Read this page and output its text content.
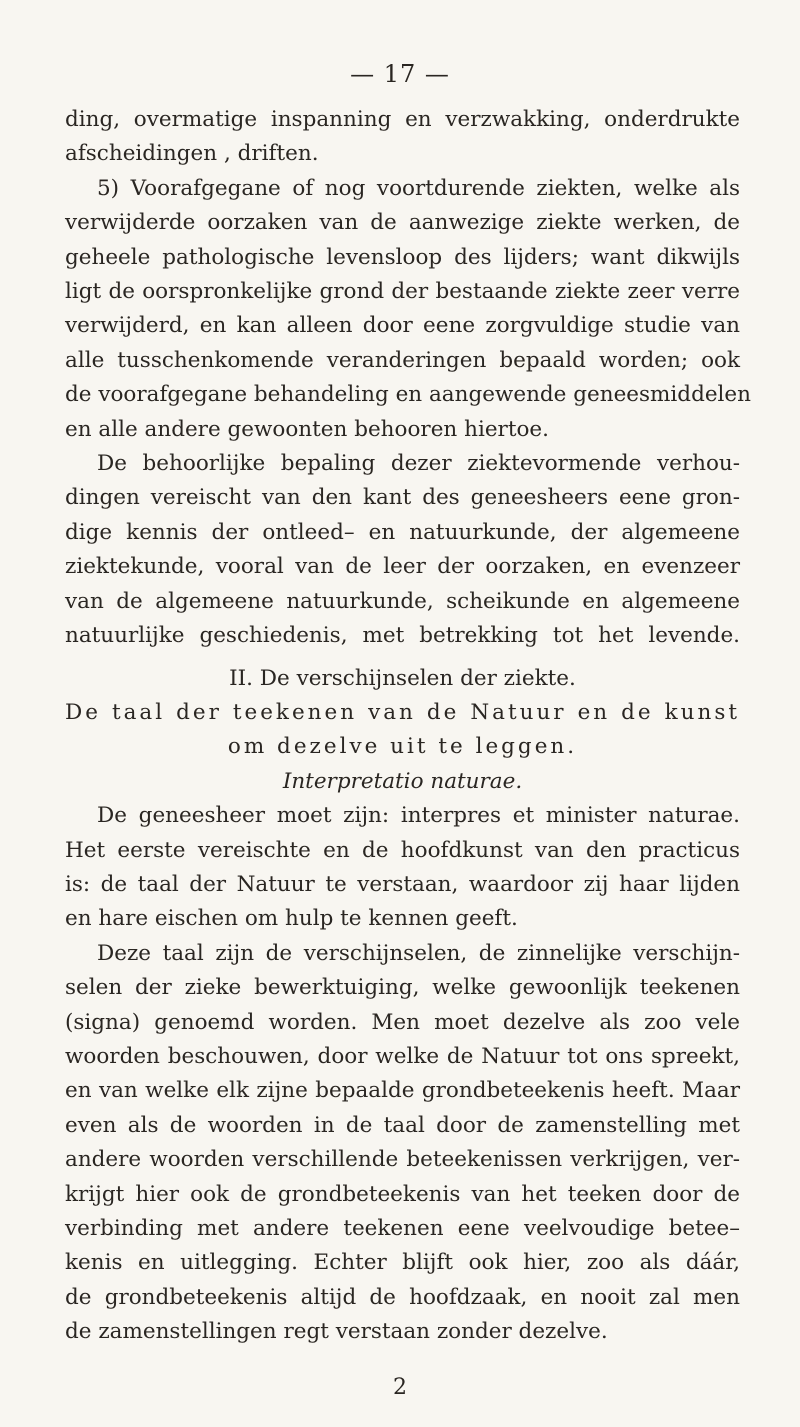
— 17 —
ding, overmatige inspanning en verzwakking, onderdrukte
afscheidingen , driften.
5) Voorafgegane of nog voortdurende ziekten, welke als
verwijderde oorzaken van de aanwezige ziekte werken, de
geheele pathologische levensloop des lijders; want dikwijls
ligt de oorspronkelijke grond der bestaande ziekte zeer verre
verwijderd, en kan alleen door eene zorgvuldige studie van
alle tusschenkomende veranderingen bepaald worden; ook
de voorafgegane behandeling en aangewende geneesmiddelen
en alle andere gewoonten behooren hiertoe.
De behoorlijke bepaling dezer ziektevormende verhou-
dingen vereischt van den kant des geneesheers eene gron-
dige kennis der ontleed– en natuurkunde, der algemeene
ziektekunde, vooral van de leer der oorzaken, en evenzeer
van de algemeene natuurkunde, scheikunde en algemeene
natuurlijke geschiedenis, met betrekking tot het levende.
II. De verschijnselen der ziekte.
De taal der teekenen van de Natuur en de kunst
om dezelve uit te leggen.
Interpretatio naturae.
De geneesheer moet zijn: interpres et minister naturae.
Het eerste vereischte en de hoofdkunst van den practicus
is: de taal der Natuur te verstaan, waardoor zij haar lijden
en hare eischen om hulp te kennen geeft.
Deze taal zijn de verschijnselen, de zinnelijke verschijn-
selen der zieke bewerktuiging, welke gewoonlijk teekenen
(signa) genoemd worden. Men moet dezelve als zoo vele
woorden beschouwen, door welke de Natuur tot ons spreekt,
en van welke elk zijne bepaalde grondbeteekenis heeft. Maar
even als de woorden in de taal door de zamenstelling met
andere woorden verschillende beteekenissen verkrijgen, ver-
krijgt hier ook de grondbeteekenis van het teeken door de
verbinding met andere teekenen eene veelvoudige betee–
kenis en uitlegging. Echter blijft ook hier, zoo als dáár,
de grondbeteekenis altijd de hoofdzaak, en nooit zal men
de zamenstellingen regt verstaan zonder dezelve.
2
